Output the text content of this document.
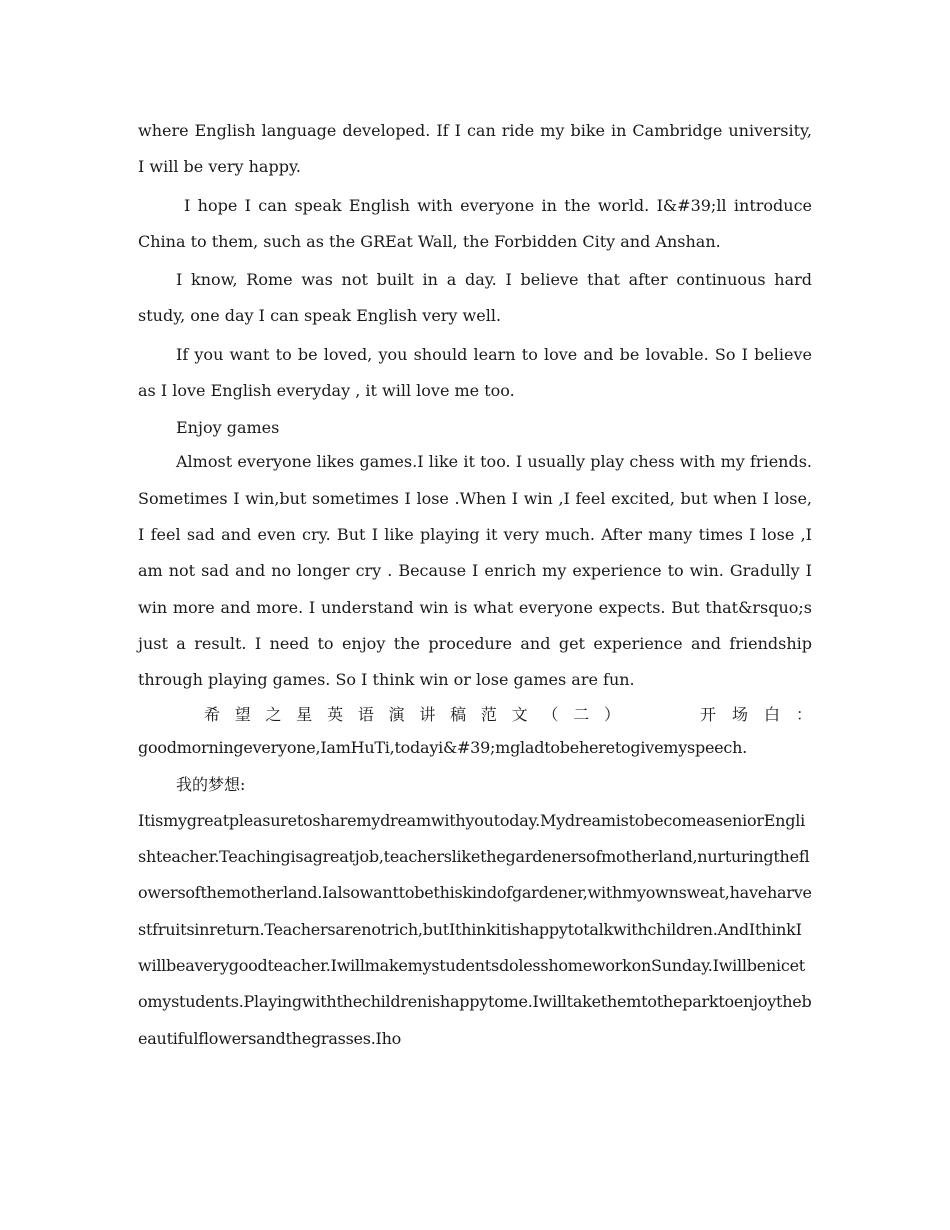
where English language developed. If I can ride my bike in Cambridge university, I will be very happy.

I hope I can speak English with everyone in the world. I&#39;ll introduce China to them, such as the GREat Wall, the Forbidden City and Anshan.

I know, Rome was not built in a day. I believe that after continuous hard study, one day I can speak English very well.

If you want to be loved, you should learn to love and be lovable. So I believe as I love English everyday , it will love me too.

Enjoy games

Almost everyone likes games.I like it too. I usually play chess with my friends. Sometimes I win,but sometimes I lose .When I win ,I feel excited, but when I lose, I feel sad and even cry. But I like playing it very much. After many times I lose ,I am not sad and no longer cry . Because I enrich my experience to win. Gradully I win more and more. I understand win is what everyone expects. But that&rsquo;s just a result. I need to enjoy the procedure and get experience and friendship through playing games. So I think win or lose games are fun.

希 望 之 星 英 语 演 讲 稿 范 文 （ 二 ）	开 场 白 ：

goodmorningeveryone,IamHuTi,todayi&#39;mgladtobeheretogivemyspeech.

我的梦想:

Itismygreatpleasuretosharemydreamwithyoutoday.MydreamistobecomeaseniorEnglishteacher.Teachingisagreatjob,teacherslikethegardenersofmotherland,nurturingtheflowersofthemotherland.Ialsowanttobethiskindofgardener,withmyownsweat,haveharvestfruitsinreturn.Teachersarenotrich,butIthinkitishappytotalkwithchildren.AndIthinkIwillbeaverygoodteacher.IwillmakemystudentsdolesshomeworkonSunday.Iwillbenicetomystudents.Playingwiththechildrenishappytome.Iwilltakethemtotheparktoenjoythebeautifulflowersandthegrasses.Iho
